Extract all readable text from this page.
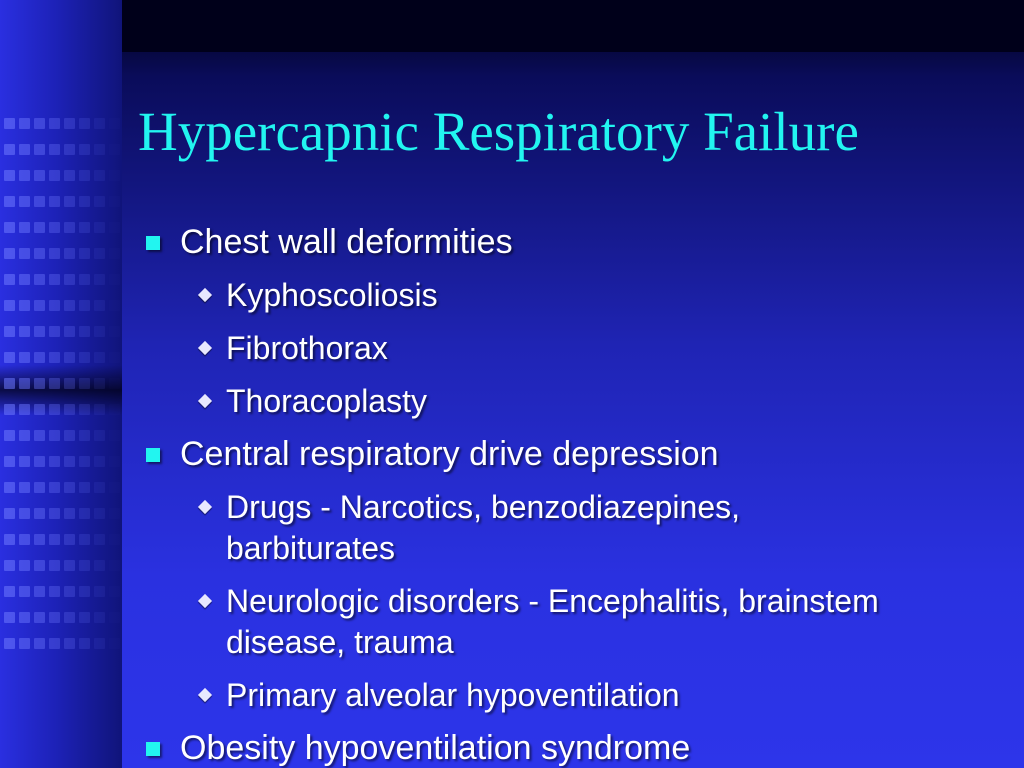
Hypercapnic Respiratory Failure
Chest wall deformities
Kyphoscoliosis
Fibrothorax
Thoracoplasty
Central respiratory drive depression
Drugs - Narcotics, benzodiazepines, barbiturates
Neurologic disorders - Encephalitis, brainstem disease, trauma
Primary alveolar hypoventilation
Obesity hypoventilation syndrome
